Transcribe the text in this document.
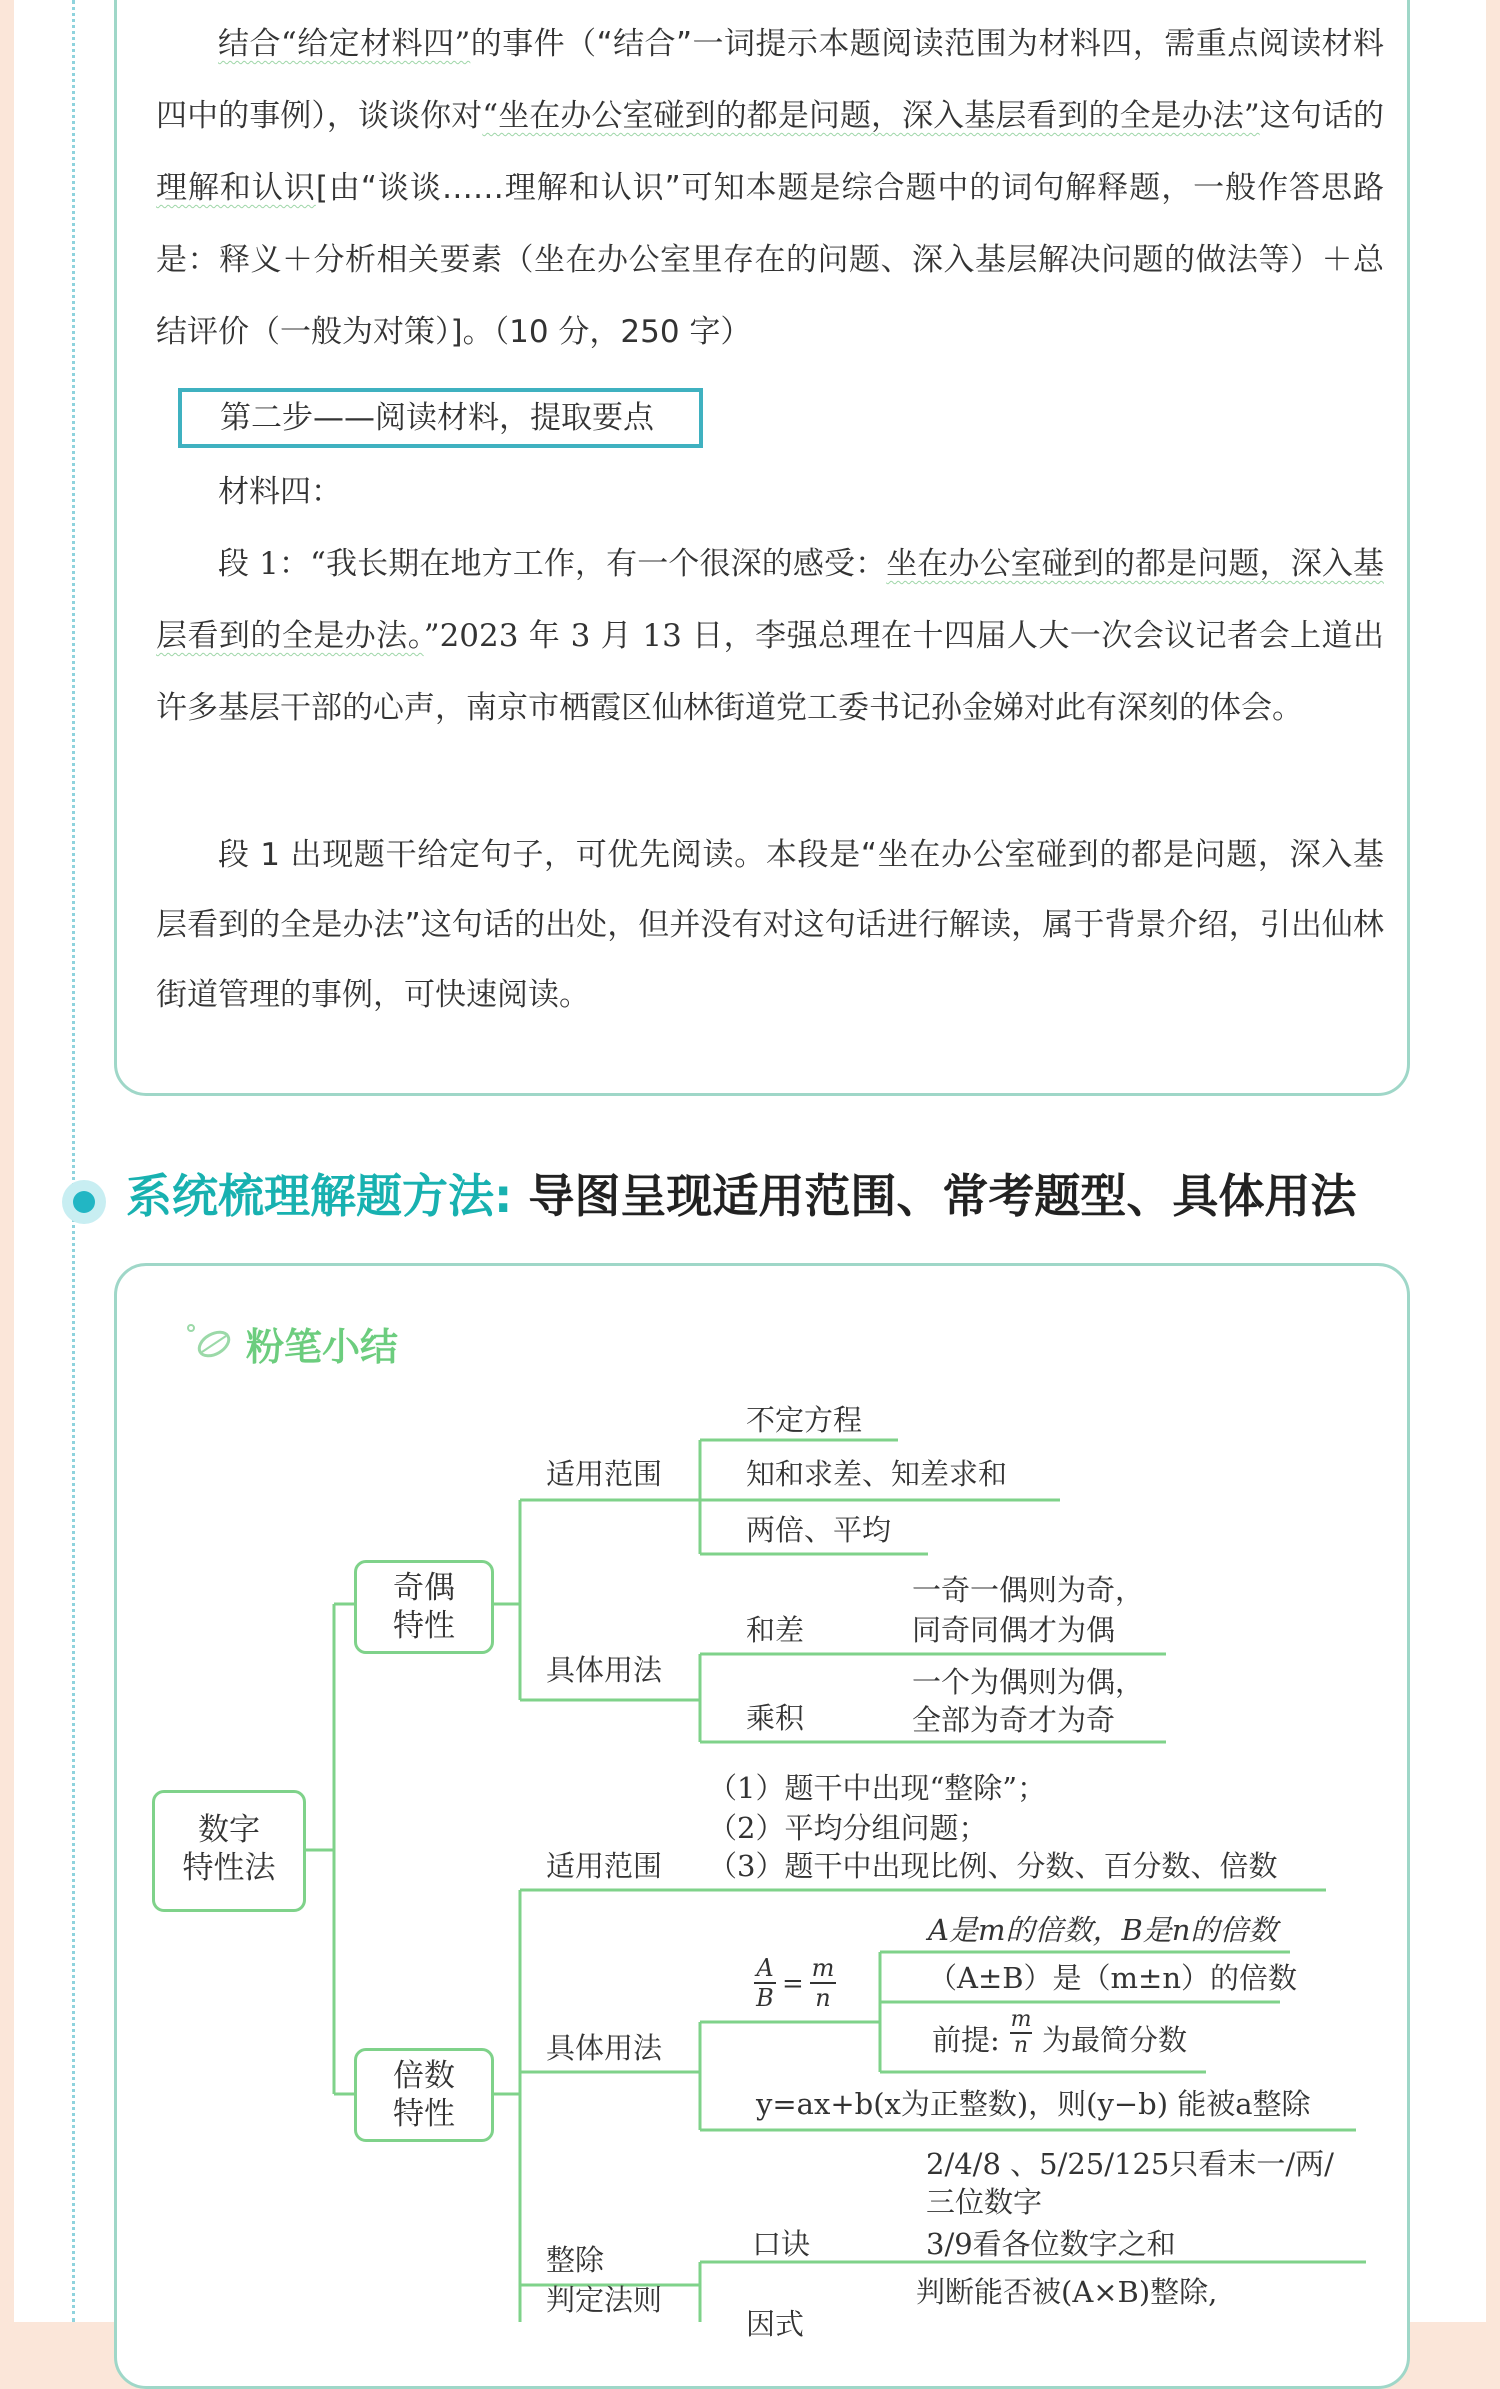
结合“给定材料四”的事件（“结合”一词提示本题阅读范围为材料四，需重点阅读材料四中的事例），谈谈你对“坐在办公室碰到的都是问题，深入基层看到的全是办法”这句话的理解和认识[由“谈谈……理解和认识”可知本题是综合题中的词句解释题，一般作答思路是：释义＋分析相关要素（坐在办公室里存在的问题、深入基层解决问题的做法等）＋总结评价（一般为对策）]。（10 分，250 字）
第二步——阅读材料，提取要点
材料四：
段 1：“我长期在地方工作，有一个很深的感受：坐在办公室碰到的都是问题，深入基层看到的全是办法。”2023 年 3 月 13 日，李强总理在十四届人大一次会议记者会上道出许多基层干部的心声，南京市栖霞区仙林街道党工委书记孙金娣对此有深刻的体会。
段 1 出现题干给定句子，可优先阅读。本段是“坐在办公室碰到的都是问题，深入基层看到的全是办法”这句话的出处，但并没有对这句话进行解读，属于背景介绍，引出仙林街道管理的事例，可快速阅读。
系统梳理解题方法: 导图呈现适用范围、常考题型、具体用法
粉笔小结
数字
特性法
奇偶
特性
倍数
特性
适用范围
不定方程
知和求差、知差求和
两倍、平均
具体用法
和差
一奇一偶则为奇，
同奇同偶才为偶
乘积
一个为偶则为偶，
全部为奇才为奇
（1）题干中出现“整除”；
（2）平均分组问题；
适用范围 （3）题干中出现比例、分数、百分数、倍数
具体用法
A
B =
m
n
A是m的倍数，B是n的倍数
（A±B）是（m±n）的倍数
前提:
m
n 为最简分数
y=ax+b(x为正整数)，则(y−b) 能被a整除
2/4/8 、5/25/125只看末一/两/
三位数字
口诀	3/9看各位数字之和
整除
判定法则	判断能否被(A×B)整除,
因式
